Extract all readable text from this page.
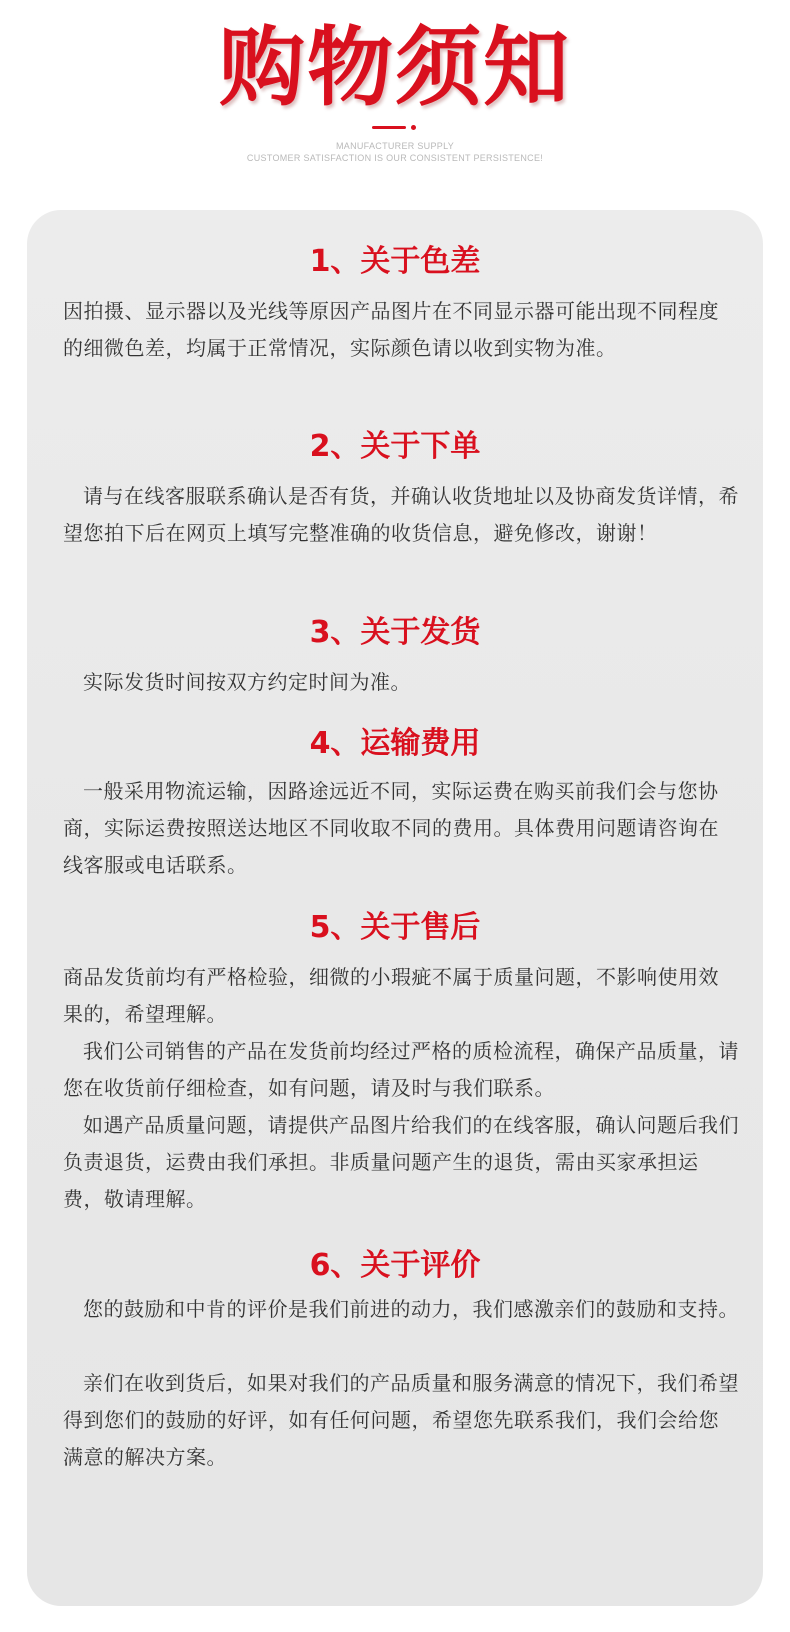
购物须知
MANUFACTURER SUPPLY
CUSTOMER SATISFACTION IS OUR CONSISTENT PERSISTENCE!
1、关于色差

因拍摄、显示器以及光线等原因产品图片在不同显示器可能出现不同程度的细微色差，均属于正常情况，实际颜色请以收到实物为准。

2、关于下单

请与在线客服联系确认是否有货，并确认收货地址以及协商发货详情，希望您拍下后在网页上填写完整准确的收货信息，避免修改，谢谢！

3、关于发货

实际发货时间按双方约定时间为准。

4、运输费用

一般采用物流运输，因路途远近不同，实际运费在购买前我们会与您协商，实际运费按照送达地区不同收取不同的费用。具体费用问题请咨询在线客服或电话联系。

5、关于售后

商品发货前均有严格检验，细微的小瑕疵不属于质量问题，不影响使用效果的，希望理解。

我们公司销售的产品在发货前均经过严格的质检流程，确保产品质量，请您在收货前仔细检查，如有问题，请及时与我们联系。

如遇产品质量问题，请提供产品图片给我们的在线客服，确认问题后我们负责退货，运费由我们承担。非质量问题产生的退货，需由买家承担运费，敬请理解。

6、关于评价

您的鼓励和中肯的评价是我们前进的动力，我们感激亲们的鼓励和支持。

亲们在收到货后，如果对我们的产品质量和服务满意的情况下，我们希望得到您们的鼓励的好评，如有任何问题，希望您先联系我们，我们会给您满意的解决方案。
